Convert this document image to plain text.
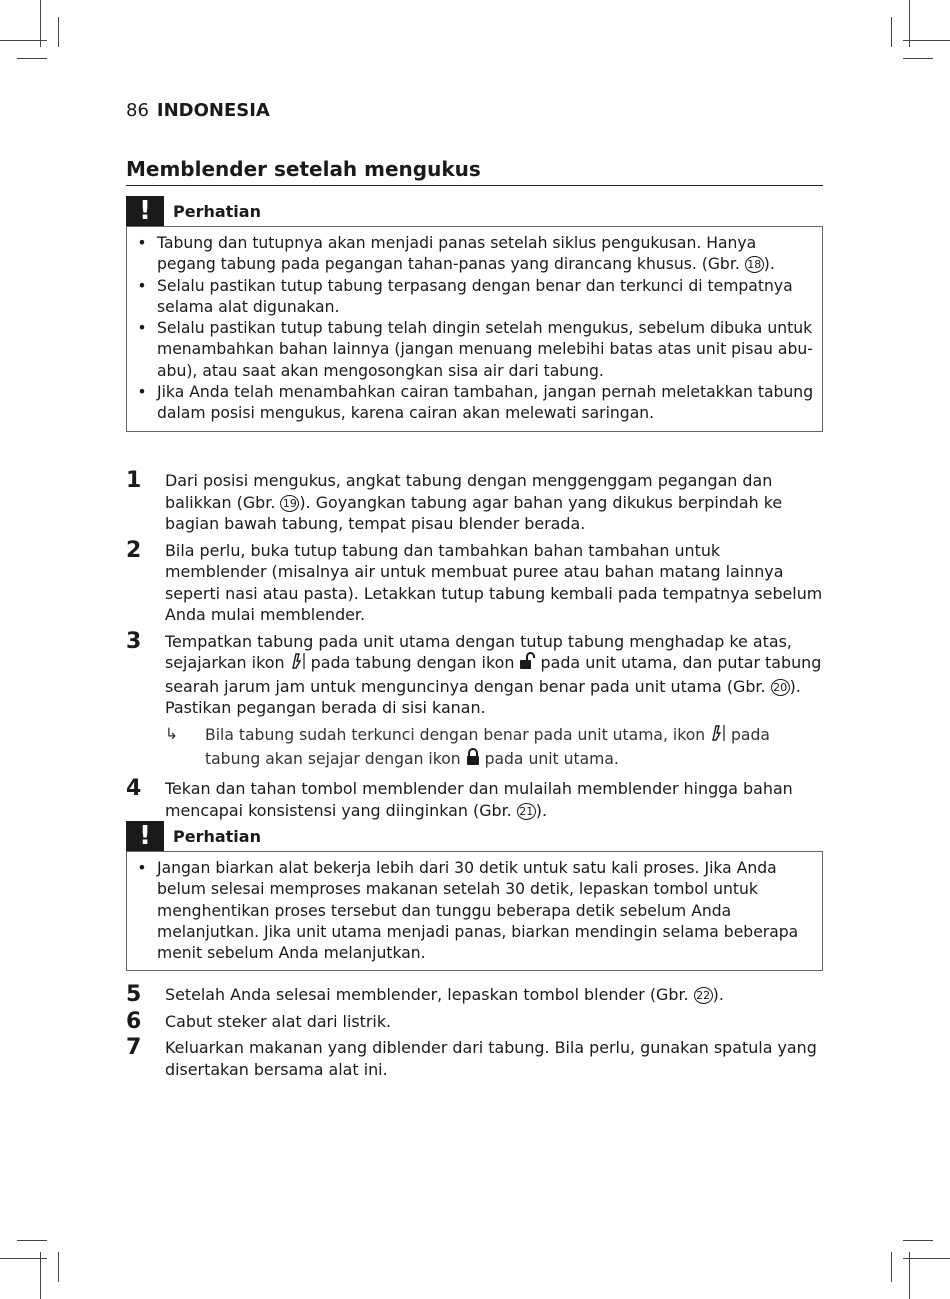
86 INDONESIA
Memblender setelah mengukus
!	Perhatian
• Tabung dan tutupnya akan menjadi panas setelah siklus pengukusan. Hanya pegang tabung pada pegangan tahan-panas yang dirancang khusus. (Gbr. 18 ).
• Selalu pastikan tutup tabung terpasang dengan benar dan terkunci di tempatnya selama alat digunakan.
• Selalu pastikan tutup tabung telah dingin setelah mengukus, sebelum dibuka untuk menambahkan bahan lainnya (jangan menuang melebihi batas atas unit pisau abu-abu), atau saat akan mengosongkan sisa air dari tabung.
• Jika Anda telah menambahkan cairan tambahan, jangan pernah meletakkan tabung dalam posisi mengukus, karena cairan akan melewati saringan.
1	Dari posisi mengukus, angkat tabung dengan menggenggam pegangan dan balikkan (Gbr. 19 ). Goyangkan tabung agar bahan yang dikukus berpindah ke bagian bawah tabung, tempat pisau blender berada.
2	Bila perlu, buka tutup tabung dan tambahkan bahan tambahan untuk memblender (misalnya air untuk membuat puree atau bahan matang lainnya seperti nasi atau pasta). Letakkan tutup tabung kembali pada tempatnya sebelum Anda mulai memblender.
3	Tempatkan tabung pada unit utama dengan tutup tabung menghadap ke atas, sejajarkan ikon  pada tabung dengan ikon  pada unit utama, dan putar tabung searah jarum jam untuk menguncinya dengan benar pada unit utama (Gbr. 20 ). Pastikan pegangan berada di sisi kanan.
↳	Bila tabung sudah terkunci dengan benar pada unit utama, ikon  pada tabung akan sejajar dengan ikon  pada unit utama.
4	Tekan dan tahan tombol memblender dan mulailah memblender hingga bahan mencapai konsistensi yang diinginkan (Gbr. 21 ).
!	Perhatian
• Jangan biarkan alat bekerja lebih dari 30 detik untuk satu kali proses. Jika Anda belum selesai memproses makanan setelah 30 detik, lepaskan tombol untuk menghentikan proses tersebut dan tunggu beberapa detik sebelum Anda melanjutkan. Jika unit utama menjadi panas, biarkan mendingin selama beberapa menit sebelum Anda melanjutkan.
5	Setelah Anda selesai memblender, lepaskan tombol blender (Gbr. 22 ).
6	Cabut steker alat dari listrik.
7	Keluarkan makanan yang diblender dari tabung. Bila perlu, gunakan spatula yang disertakan bersama alat ini.
